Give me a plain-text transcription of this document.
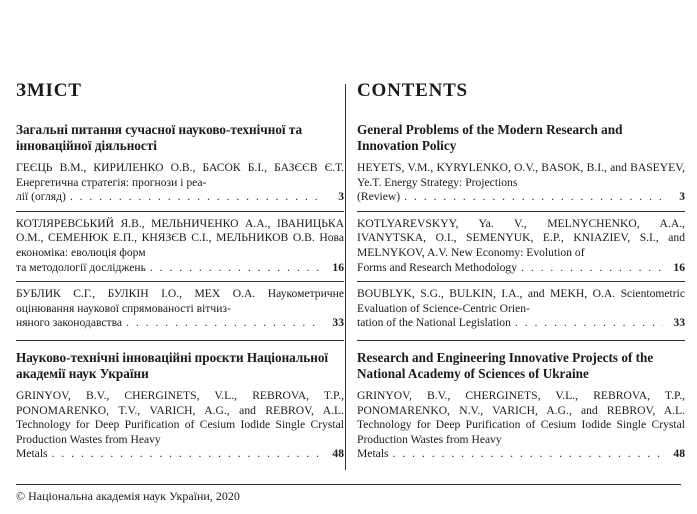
ЗМІСТ
Загальні питання сучасної науково-технічної та інноваційної діяльності
ГЕЄЦЬ В.М., КИРИЛЕНКО О.В., БАСОК Б.І., БАЗЄЄВ Є.Т. Енергетична стратегія: прогнози і реа-
лії (огляд) . . .	3
КОТЛЯРЕВСЬКИЙ Я.В., МЕЛЬНИЧЕНКО А.А., ІВАНИЦЬКА О.М., СЕМЕНЮК Е.П., КНЯЗЄВ С.І., МЕЛЬНИКОВ О.В. Нова економіка: еволюція форм
та методології досліджень . . .	16
БУБЛИК С.Г., БУЛКІН І.О., МЕХ О.А. Наукометричне оцінювання наукової спрямованості вітчиз-
няного законодавства . . .	33
Науково-технічні інноваційні проєкти Національної академії наук України
GRINYOV, B.V., CHERGINETS, V.L., REBROVA, T.P., PONOMARENKO, T.V., VARICH, A.G., and REBROV, A.L. Technology for Deep Purification of Cesium Iodide Single Crystal Production Wastes from Heavy
Metals . . .	48
CONTENTS
General Problems of the Modern Research and Innovation Policy
HEYETS, V.M., KYRYLENKO, O.V., BASOK, B.I., and BASEYEV, Ye.T. Energy Strategy: Projections
(Review) . . .	3
KOTLYAREVSKYY, Ya. V., MELNYCHENKO, A.A., IVANYTSKA, O.I., SEMENYUK, E.P., KNIAZIEV, S.I., and MELNYKOV, A.V. New Economy: Evolution of
Forms and Research Methodology . . .	16
BOUBLYK, S.G., BULKIN, I.A., and MEKH, O.A. Scientometric Evaluation of Science-Centric Orien-
tation of the National Legislation . . .	33
Research and Engineering Innovative Projects of the National Academy of Sciences of Ukraine
GRINYOV, B.V., CHERGINETS, V.L., REBROVA, T.P., PONOMARENKO, N.V., VARICH, A.G., and REBROV, A.L. Technology for Deep Purification of Cesium Iodide Single Crystal Production Wastes from Heavy
Metals . . .	48
© Національна академія наук України, 2020
